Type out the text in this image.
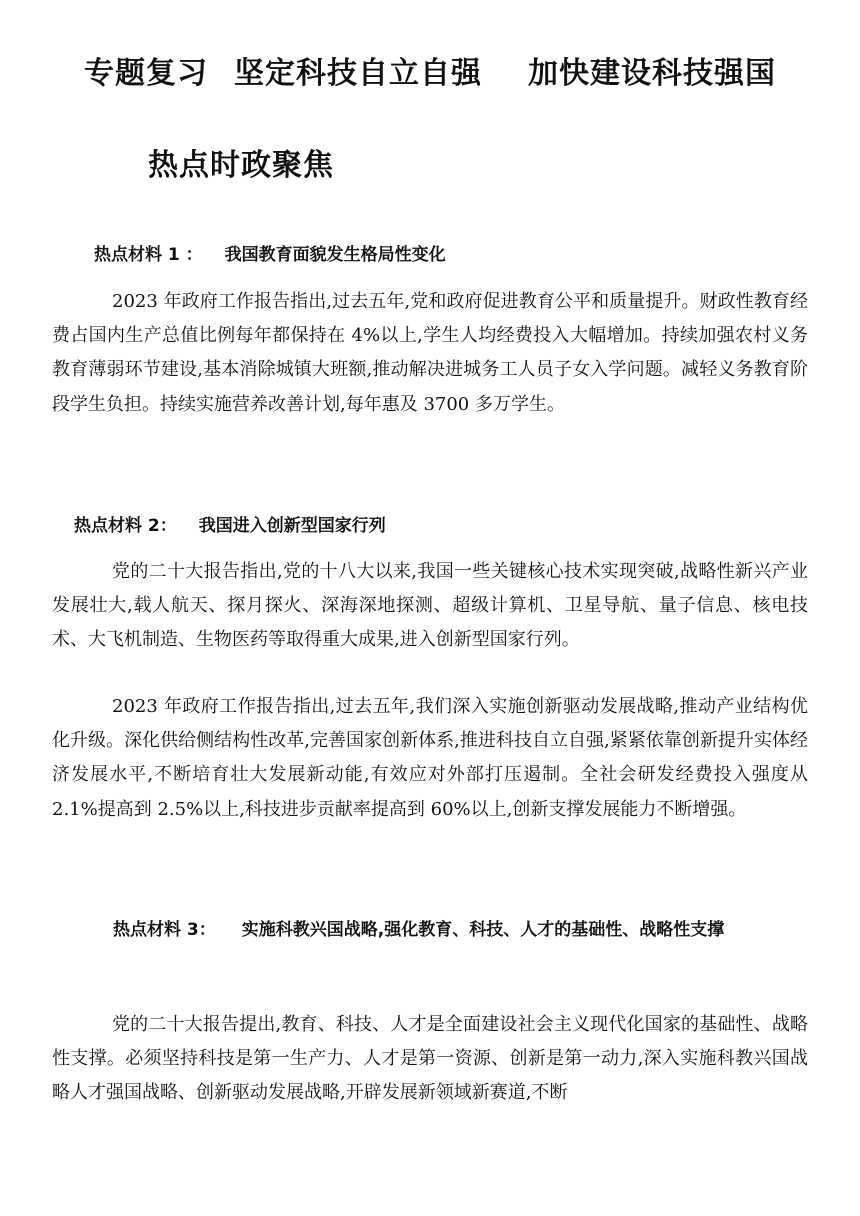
专题复习 坚定科技自立自强 加快建设科技强国
热点时政聚焦
热点材料 1 ： 我国教育面貌发生格局性变化

2023 年政府工作报告指出,过去五年,党和政府促进教育公平和质量提升。财政性教育经费占国内生产总值比例每年都保持在 4%以上,学生人均经费投入大幅增加。持续加强农村义务教育薄弱环节建设,基本消除城镇大班额,推动解决进城务工人员子女入学问题。减轻义务教育阶段学生负担。持续实施营养改善计划,每年惠及 3700 多万学生。

热点材料 2： 我国进入创新型国家行列

党的二十大报告指出,党的十八大以来,我国一些关键核心技术实现突破,战略性新兴产业发展壮大,载人航天、探月探火、深海深地探测、超级计算机、卫星导航、量子信息、核电技术、大飞机制造、生物医药等取得重大成果,进入创新型国家行列。

2023 年政府工作报告指出,过去五年,我们深入实施创新驱动发展战略,推动产业结构优化升级。深化供给侧结构性改革,完善国家创新体系,推进科技自立自强,紧紧依靠创新提升实体经济发展水平,不断培育壮大发展新动能,有效应对外部打压遏制。全社会研发经费投入强度从 2.1%提高到 2.5%以上,科技进步贡献率提高到 60%以上,创新支撑发展能力不断增强。

热点材料 3： 实施科教兴国战略,强化教育、科技、人才的基础性、战略性支撑

党的二十大报告提出,教育、科技、人才是全面建设社会主义现代化国家的基础性、战略性支撑。必须坚持科技是第一生产力、人才是第一资源、创新是第一动力,深入实施科教兴国战略人才强国战略、创新驱动发展战略,开辟发展新领域新赛道,不断
